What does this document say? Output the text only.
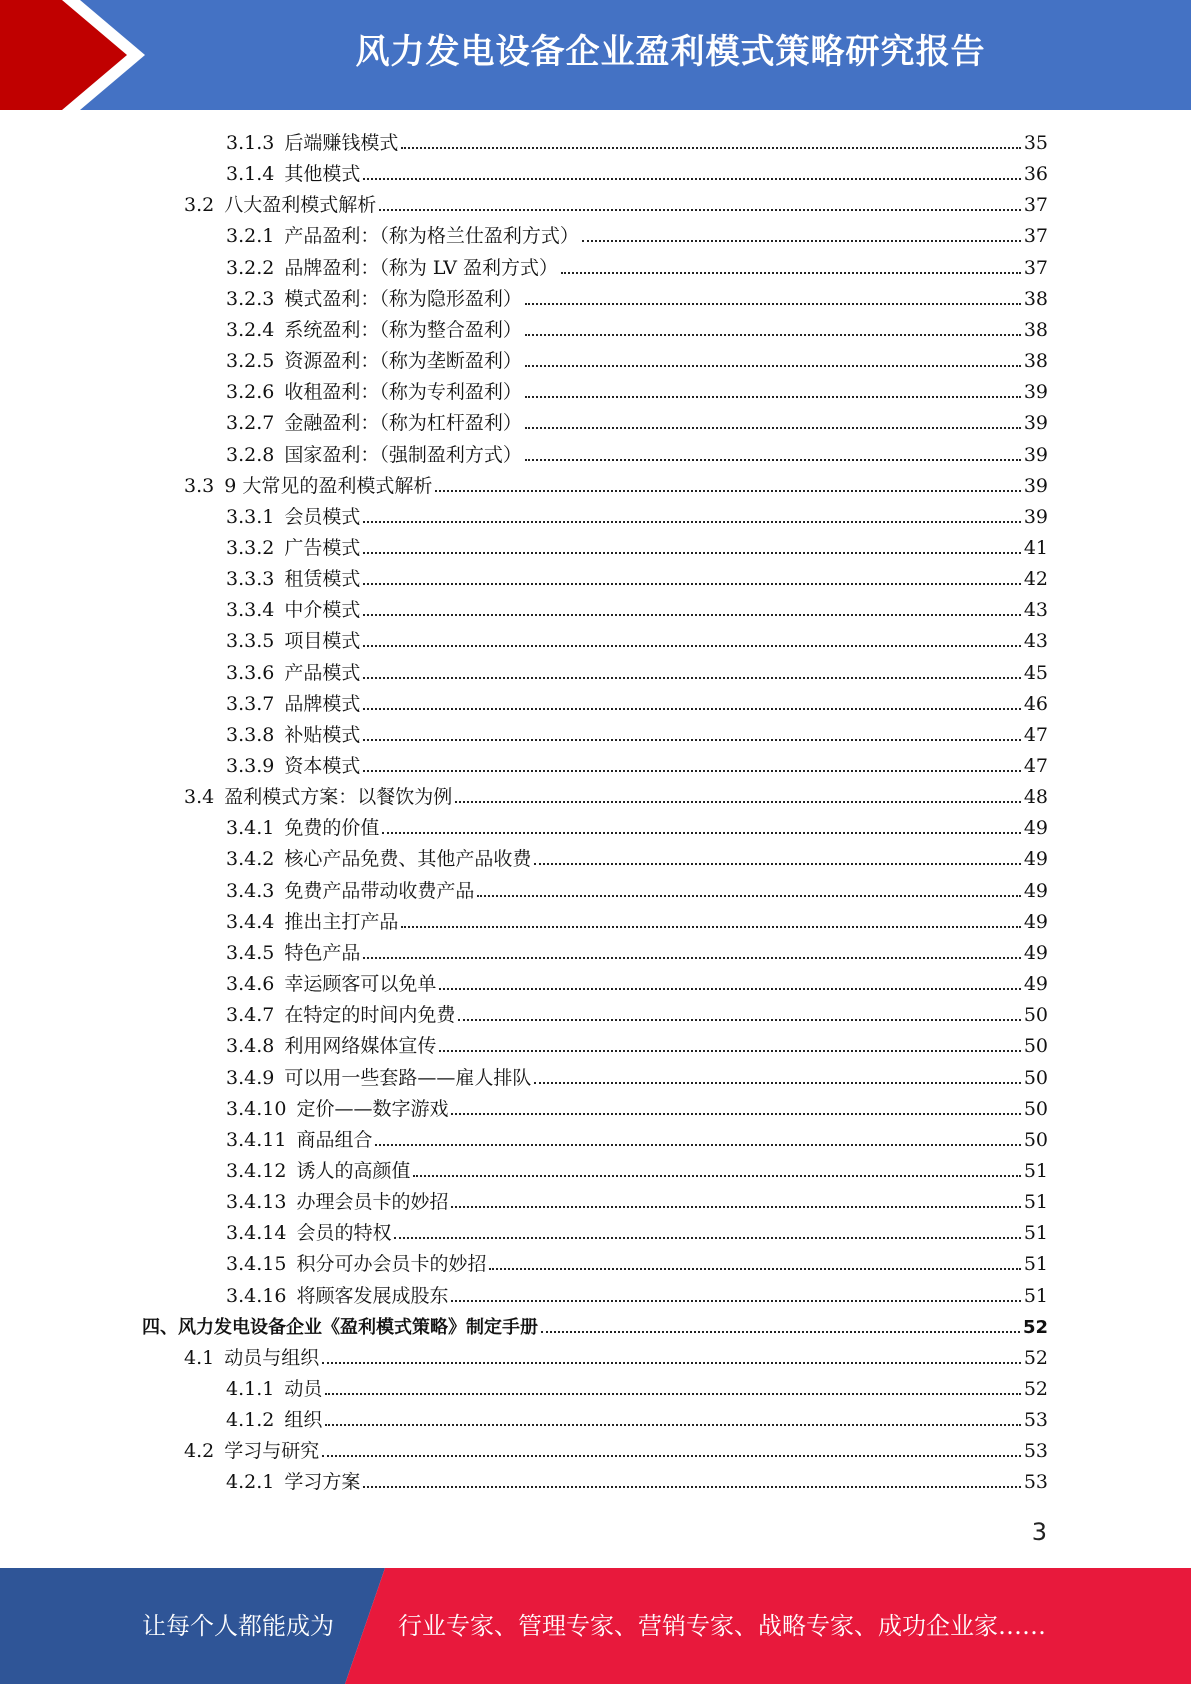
风力发电设备企业盈利模式策略研究报告
3.1.3 后端赚钱模式	35
3.1.4 其他模式	36
3.2 八大盈利模式解析	37
3.2.1 产品盈利：（称为格兰仕盈利方式）	37
3.2.2 品牌盈利：（称为 LV 盈利方式）	37
3.2.3 模式盈利：（称为隐形盈利）	38
3.2.4 系统盈利：（称为整合盈利）	38
3.2.5 资源盈利：（称为垄断盈利）	38
3.2.6 收租盈利：（称为专利盈利）	39
3.2.7 金融盈利：（称为杠杆盈利）	39
3.2.8 国家盈利：（强制盈利方式）	39
3.3 9 大常见的盈利模式解析	39
3.3.1 会员模式	39
3.3.2 广告模式	41
3.3.3 租赁模式	42
3.3.4 中介模式	43
3.3.5 项目模式	43
3.3.6 产品模式	45
3.3.7 品牌模式	46
3.3.8 补贴模式	47
3.3.9 资本模式	47
3.4 盈利模式方案：以餐饮为例	48
3.4.1 免费的价值	49
3.4.2 核心产品免费、其他产品收费	49
3.4.3 免费产品带动收费产品	49
3.4.4 推出主打产品	49
3.4.5 特色产品	49
3.4.6 幸运顾客可以免单	49
3.4.7 在特定的时间内免费	50
3.4.8 利用网络媒体宣传	50
3.4.9 可以用一些套路——雇人排队	50
3.4.10 定价——数字游戏	50
3.4.11 商品组合	50
3.4.12 诱人的高颜值	51
3.4.13 办理会员卡的妙招	51
3.4.14 会员的特权	51
3.4.15 积分可办会员卡的妙招	51
3.4.16 将顾客发展成股东	51
四、 风力发电设备企业《盈利模式策略》制定手册	52
4.1 动员与组织	52
4.1.1 动员	52
4.1.2 组织	53
4.2 学习与研究	53
4.2.1 学习方案	53
3
让每个人都能成为	行业专家、管理专家、营销专家、战略专家、成功企业家……
